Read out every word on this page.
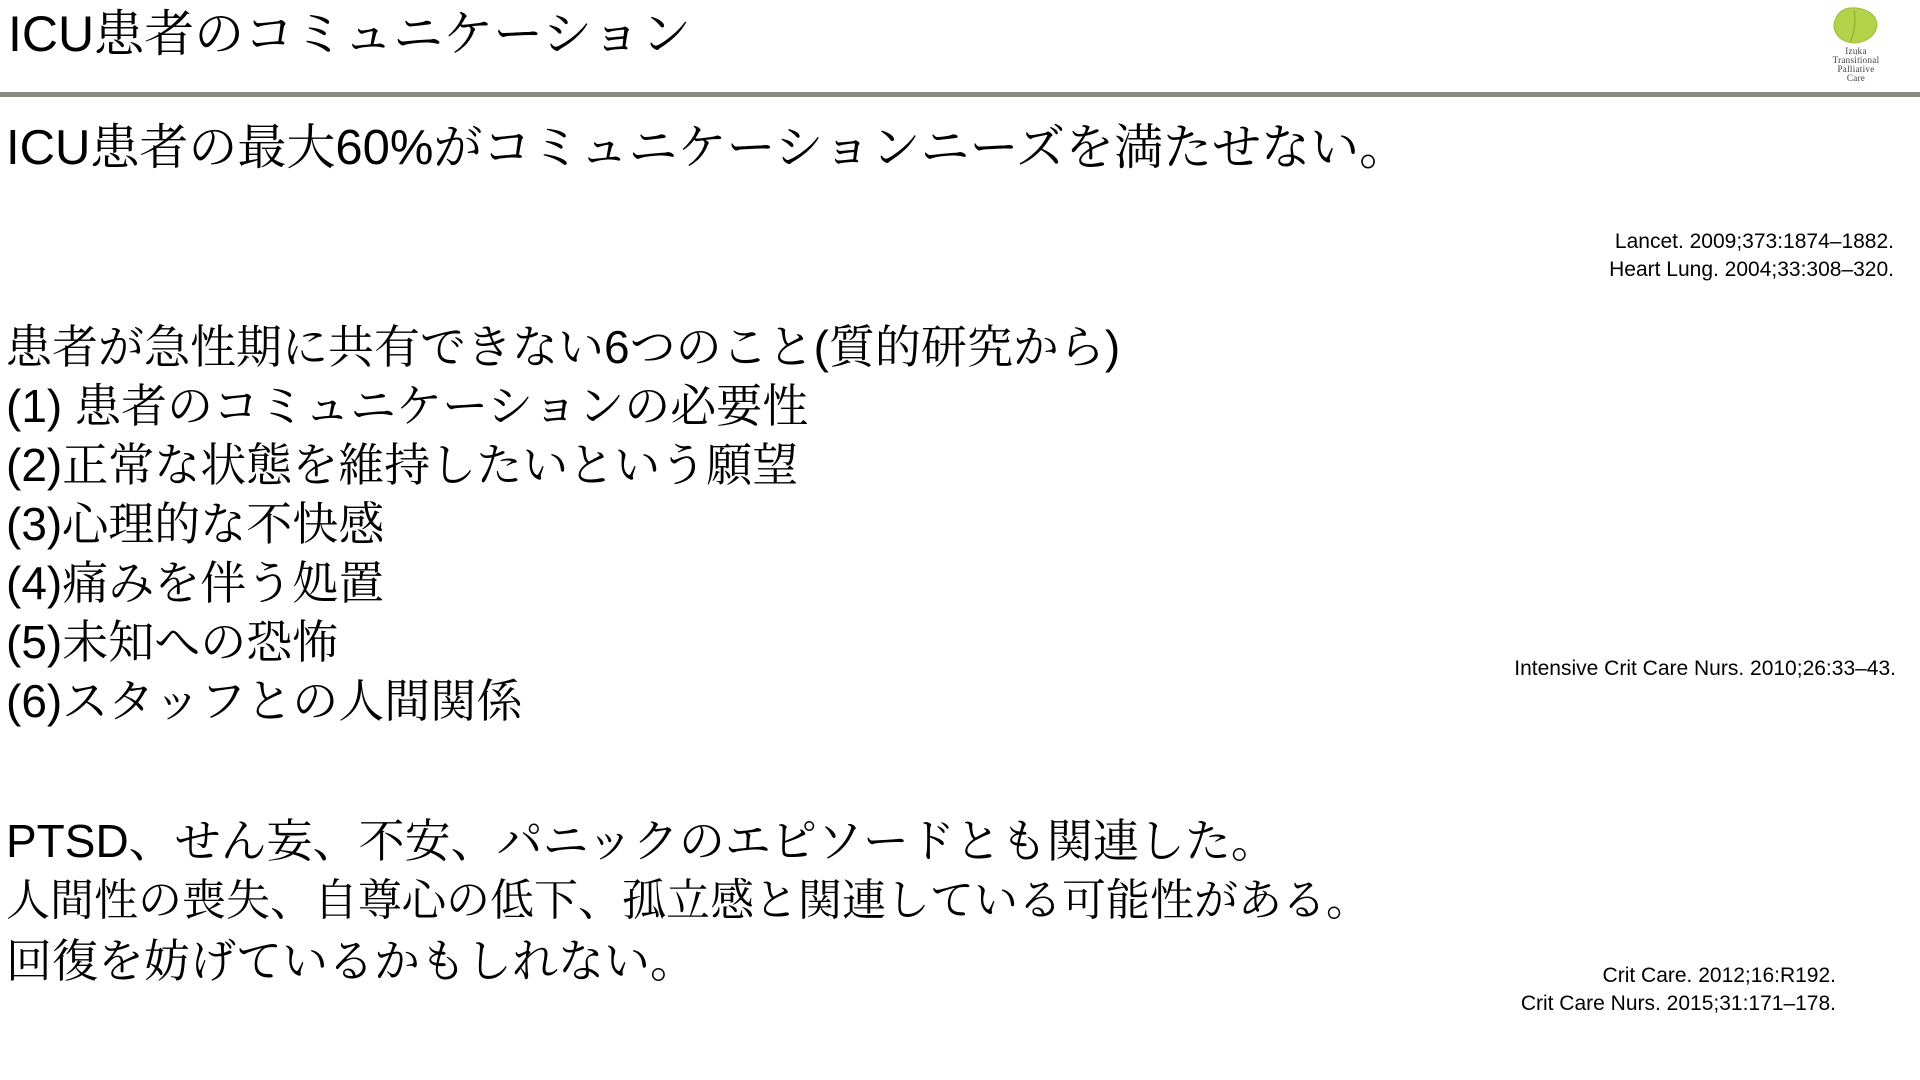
ICU患者のコミュニケーション	Izuka
Transitional
Palliative
Care
ICU患者の最大60%がコミュニケーションニーズを満たせない。
Lancet. 2009;373:1874–1882.
Heart Lung. 2004;33:308–320.
患者が急性期に共有できない6つのこと(質的研究から)
(1) 患者のコミュニケーションの必要性
(2)正常な状態を維持したいという願望
(3)心理的な不快感
(4)痛みを伴う処置
(5)未知への恐怖
(6)スタッフとの人間関係
Intensive Crit Care Nurs. 2010;26:33–43.
PTSD、せん妄、不安、パニックのエピソードとも関連した。
人間性の喪失、自尊心の低下、孤立感と関連している可能性がある。
回復を妨げているかもしれない。	Crit Care. 2012;16:R192.
Crit Care Nurs. 2015;31:171–178.
